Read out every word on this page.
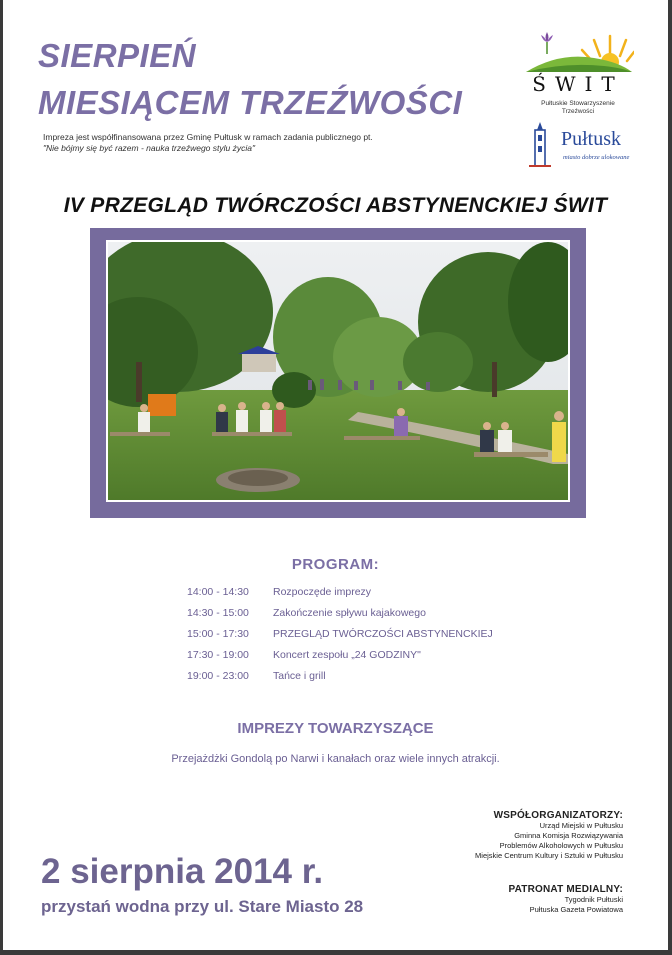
SIERPIEŃ
MIESIĄCEM TRZEŹWOŚCI
Impreza jest współfinansowana przez Gminę Pułtusk w ramach zadania publicznego pt.
"Nie bójmy się być razem - nauka trzeźwego stylu życia"
ŚWIT
Pułtuskie Stowarzyszenie
Trzeźwości
Pułtusk
miasto dobrze ulokowane
IV PRZEGLĄD TWÓRCZOŚCI ABSTYNENCKIEJ ŚWIT
PROGRAM:
14:00 - 14:30 Rozpoczęde imprezy
14:30 - 15:00 Zakończenie spływu kajakowego
15:00 - 17:30 PRZEGLĄD TWÓRCZOŚCI ABSTYNENCKIEJ
17:30 - 19:00 Koncert zespołu „24 GODZINY"
19:00 - 23:00 Tańce i grill
IMPREZY TOWARZYSZĄCE
Przejażdżki Gondolą po Narwi i kanałach oraz wiele innych atrakcji.
2 sierpnia 2014 r.
przystań wodna przy ul. Stare Miasto 28
WSPÓŁORGANIZATORZY:
Urząd Miejski w Pułtusku
Gminna Komisja Rozwiązywania
Problemów Alkoholowych w Pułtusku
Miejskie Centrum Kultury i Sztuki w Pułtusku
PATRONAT MEDIALNY:
Tygodnik Pułtuski
Pułtuska Gazeta Powiatowa
